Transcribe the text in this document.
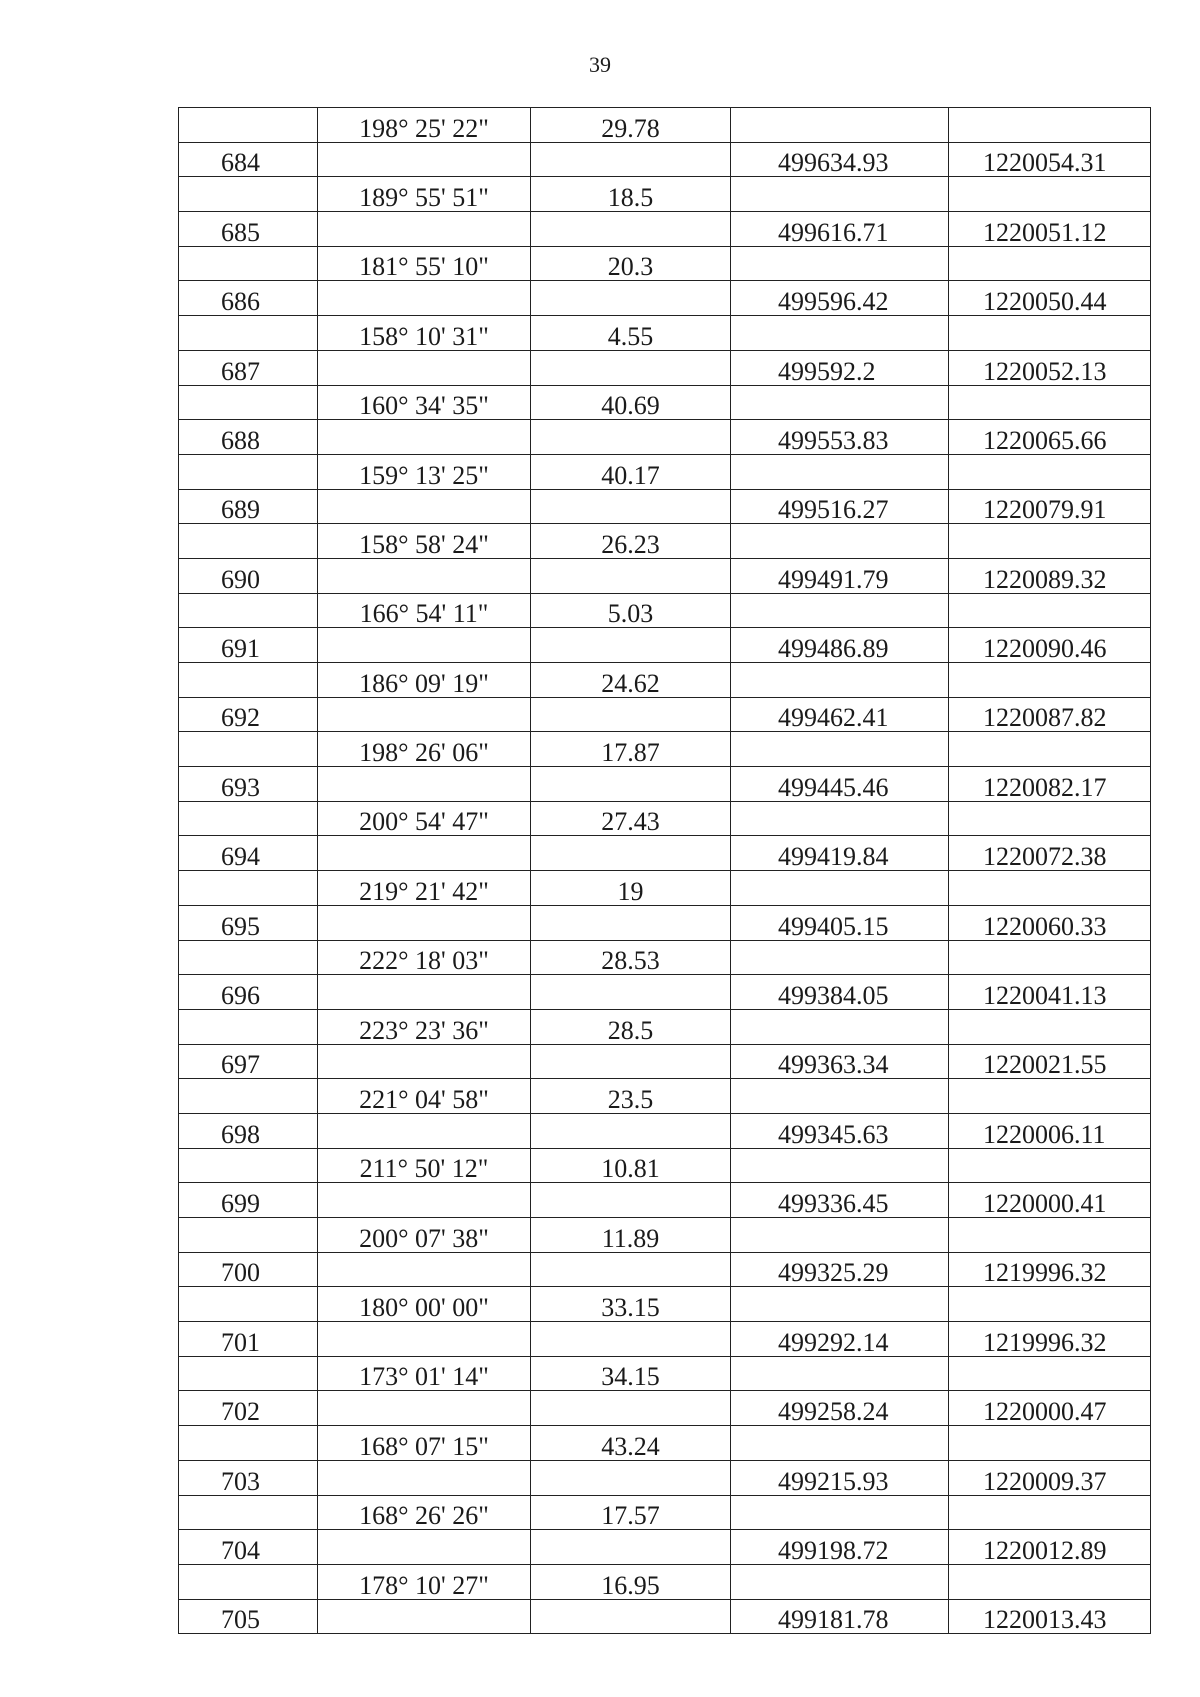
39
	198° 25' 22"	29.78		
684			499634.93	1220054.31
	189° 55' 51"	18.5		
685			499616.71	1220051.12
	181° 55' 10"	20.3		
686			499596.42	1220050.44
	158° 10' 31"	4.55		
687			499592.2	1220052.13
	160° 34' 35"	40.69		
688			499553.83	1220065.66
	159° 13' 25"	40.17		
689			499516.27	1220079.91
	158° 58' 24"	26.23		
690			499491.79	1220089.32
	166° 54' 11"	5.03		
691			499486.89	1220090.46
	186° 09' 19"	24.62		
692			499462.41	1220087.82
	198° 26' 06"	17.87		
693			499445.46	1220082.17
	200° 54' 47"	27.43		
694			499419.84	1220072.38
	219° 21' 42"	19		
695			499405.15	1220060.33
	222° 18' 03"	28.53		
696			499384.05	1220041.13
	223° 23' 36"	28.5		
697			499363.34	1220021.55
	221° 04' 58"	23.5		
698			499345.63	1220006.11
	211° 50' 12"	10.81		
699			499336.45	1220000.41
	200° 07' 38"	11.89		
700			499325.29	1219996.32
	180° 00' 00"	33.15		
701			499292.14	1219996.32
	173° 01' 14"	34.15		
702			499258.24	1220000.47
	168° 07' 15"	43.24		
703			499215.93	1220009.37
	168° 26' 26"	17.57		
704			499198.72	1220012.89
	178° 10' 27"	16.95		
705			499181.78	1220013.43
